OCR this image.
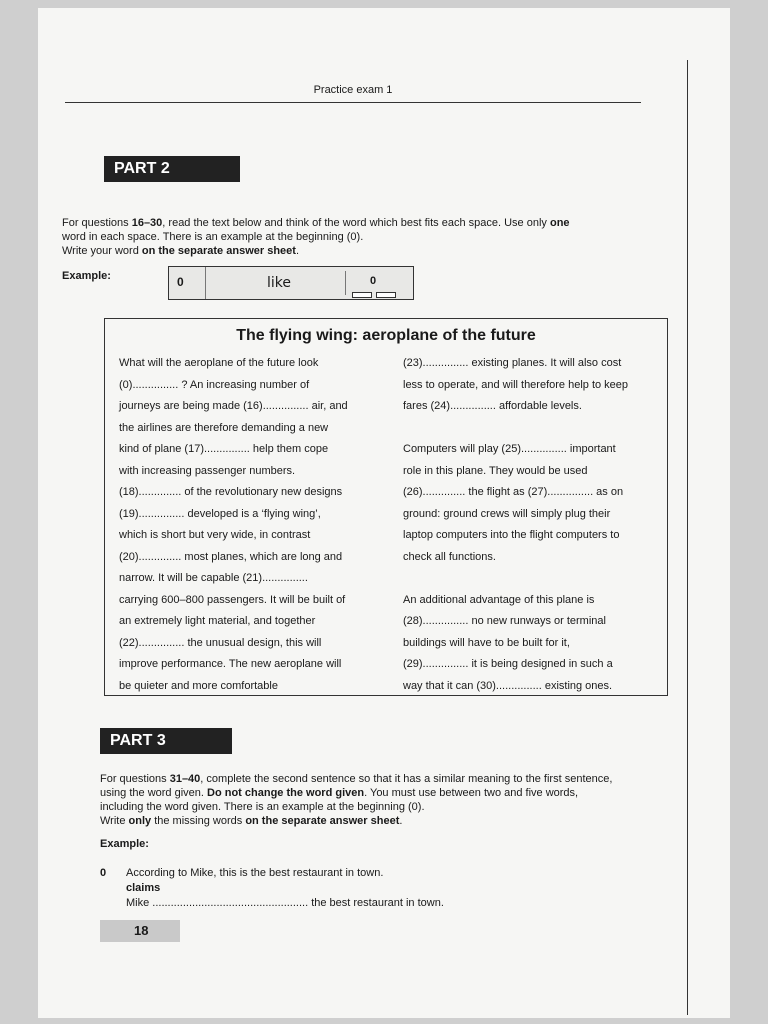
Practice exam 1
PART 2

For questions 16–30, read the text below and think of the word which best fits each space. Use only one

word in each space. There is an example at the beginning (0).

Write your word on the separate answer sheet.

Example:	0	like	0
The flying wing: aeroplane of the future

What will the aeroplane of the future look

(0)............... ? An increasing number of

journeys are being made (16)............... air, and

the airlines are therefore demanding a new

kind of plane (17)............... help them cope

with increasing passenger numbers.

(18).............. of the revolutionary new designs

(19)............... developed is a ‘flying wing’,

which is short but very wide, in contrast

(20).............. most planes, which are long and

narrow. It will be capable (21)...............

carrying 600–800 passengers. It will be built of

an extremely light material, and together

(22)............... the unusual design, this will

improve performance. The new aeroplane will

be quieter and more comfortable

(23)............... existing planes. It will also cost

less to operate, and will therefore help to keep

fares (24)............... affordable levels.

Computers will play (25)............... important

role in this plane. They would be used

(26).............. the flight as (27)............... as on

ground: ground crews will simply plug their

laptop computers into the flight computers to

check all functions.

An additional advantage of this plane is

(28)............... no new runways or terminal

buildings will have to be built for it,

(29)............... it is being designed in such a

way that it can (30)............... existing ones.

PART 3

For questions 31–40, complete the second sentence so that it has a similar meaning to the first sentence,

using the word given. Do not change the word given. You must use between two and five words,

including the word given. There is an example at the beginning (0).

Write only the missing words on the separate answer sheet.

Example:
0 According to Mike, this is the best restaurant in town.
claims
Mike ................................................... the best restaurant in town.
18
